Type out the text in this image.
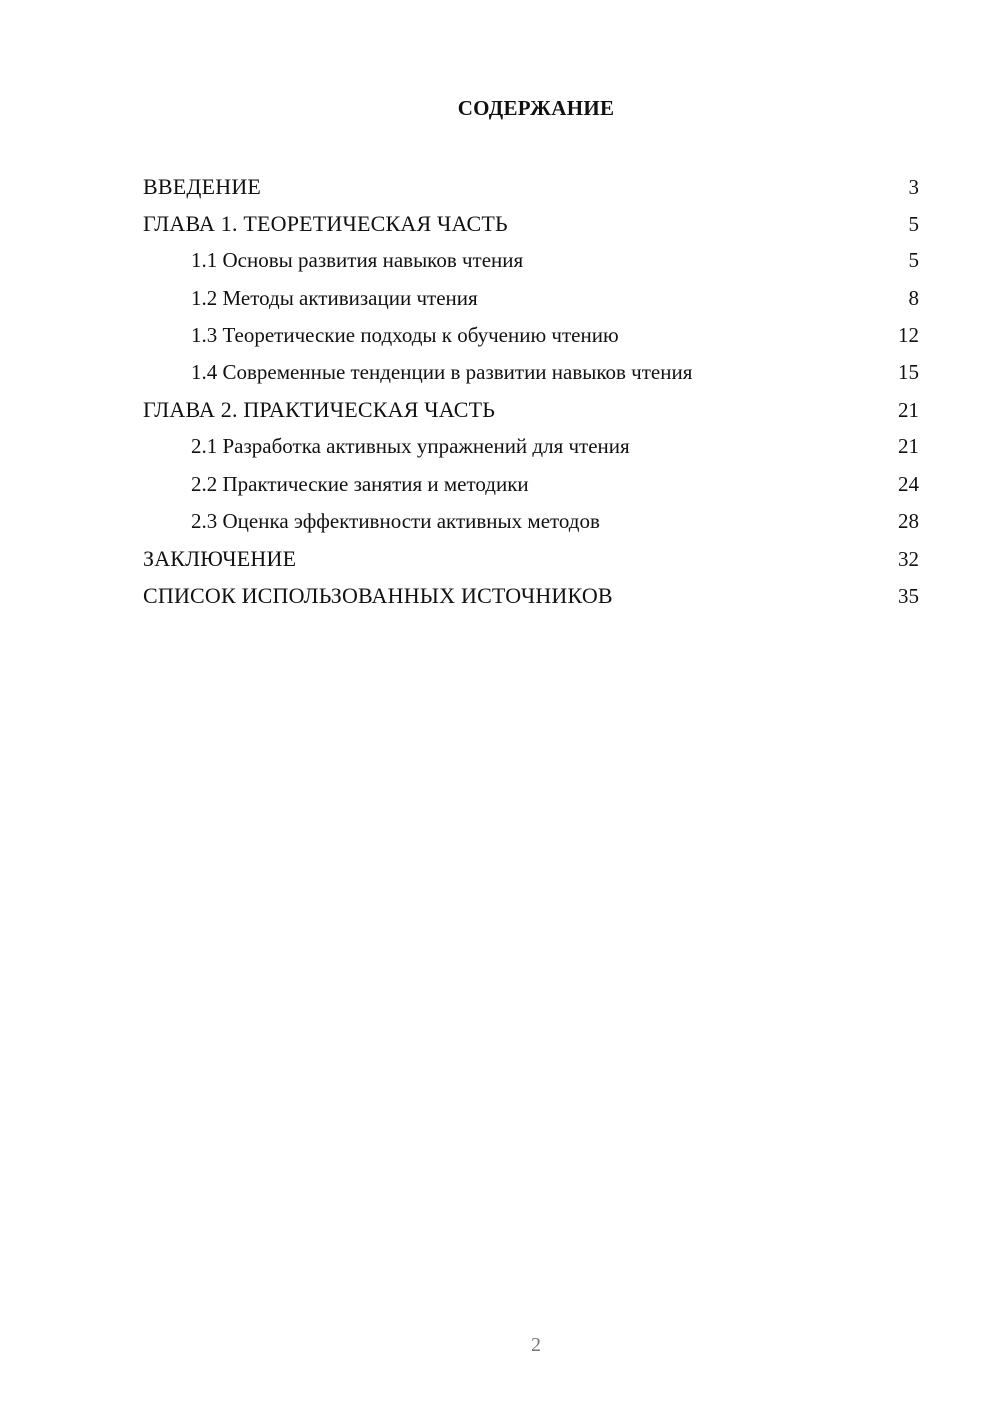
СОДЕРЖАНИЕ
ВВЕДЕНИЕ	3
ГЛАВА 1. ТЕОРЕТИЧЕСКАЯ ЧАСТЬ	5
1.1 Основы развития навыков чтения	5
1.2 Методы активизации чтения	8
1.3 Теоретические подходы к обучению чтению	12
1.4 Современные тенденции в развитии навыков чтения	15
ГЛАВА 2. ПРАКТИЧЕСКАЯ ЧАСТЬ	21
2.1 Разработка активных упражнений для чтения	21
2.2 Практические занятия и методики	24
2.3 Оценка эффективности активных методов	28
ЗАКЛЮЧЕНИЕ	32
СПИСОК ИСПОЛЬЗОВАННЫХ ИСТОЧНИКОВ	35
2
